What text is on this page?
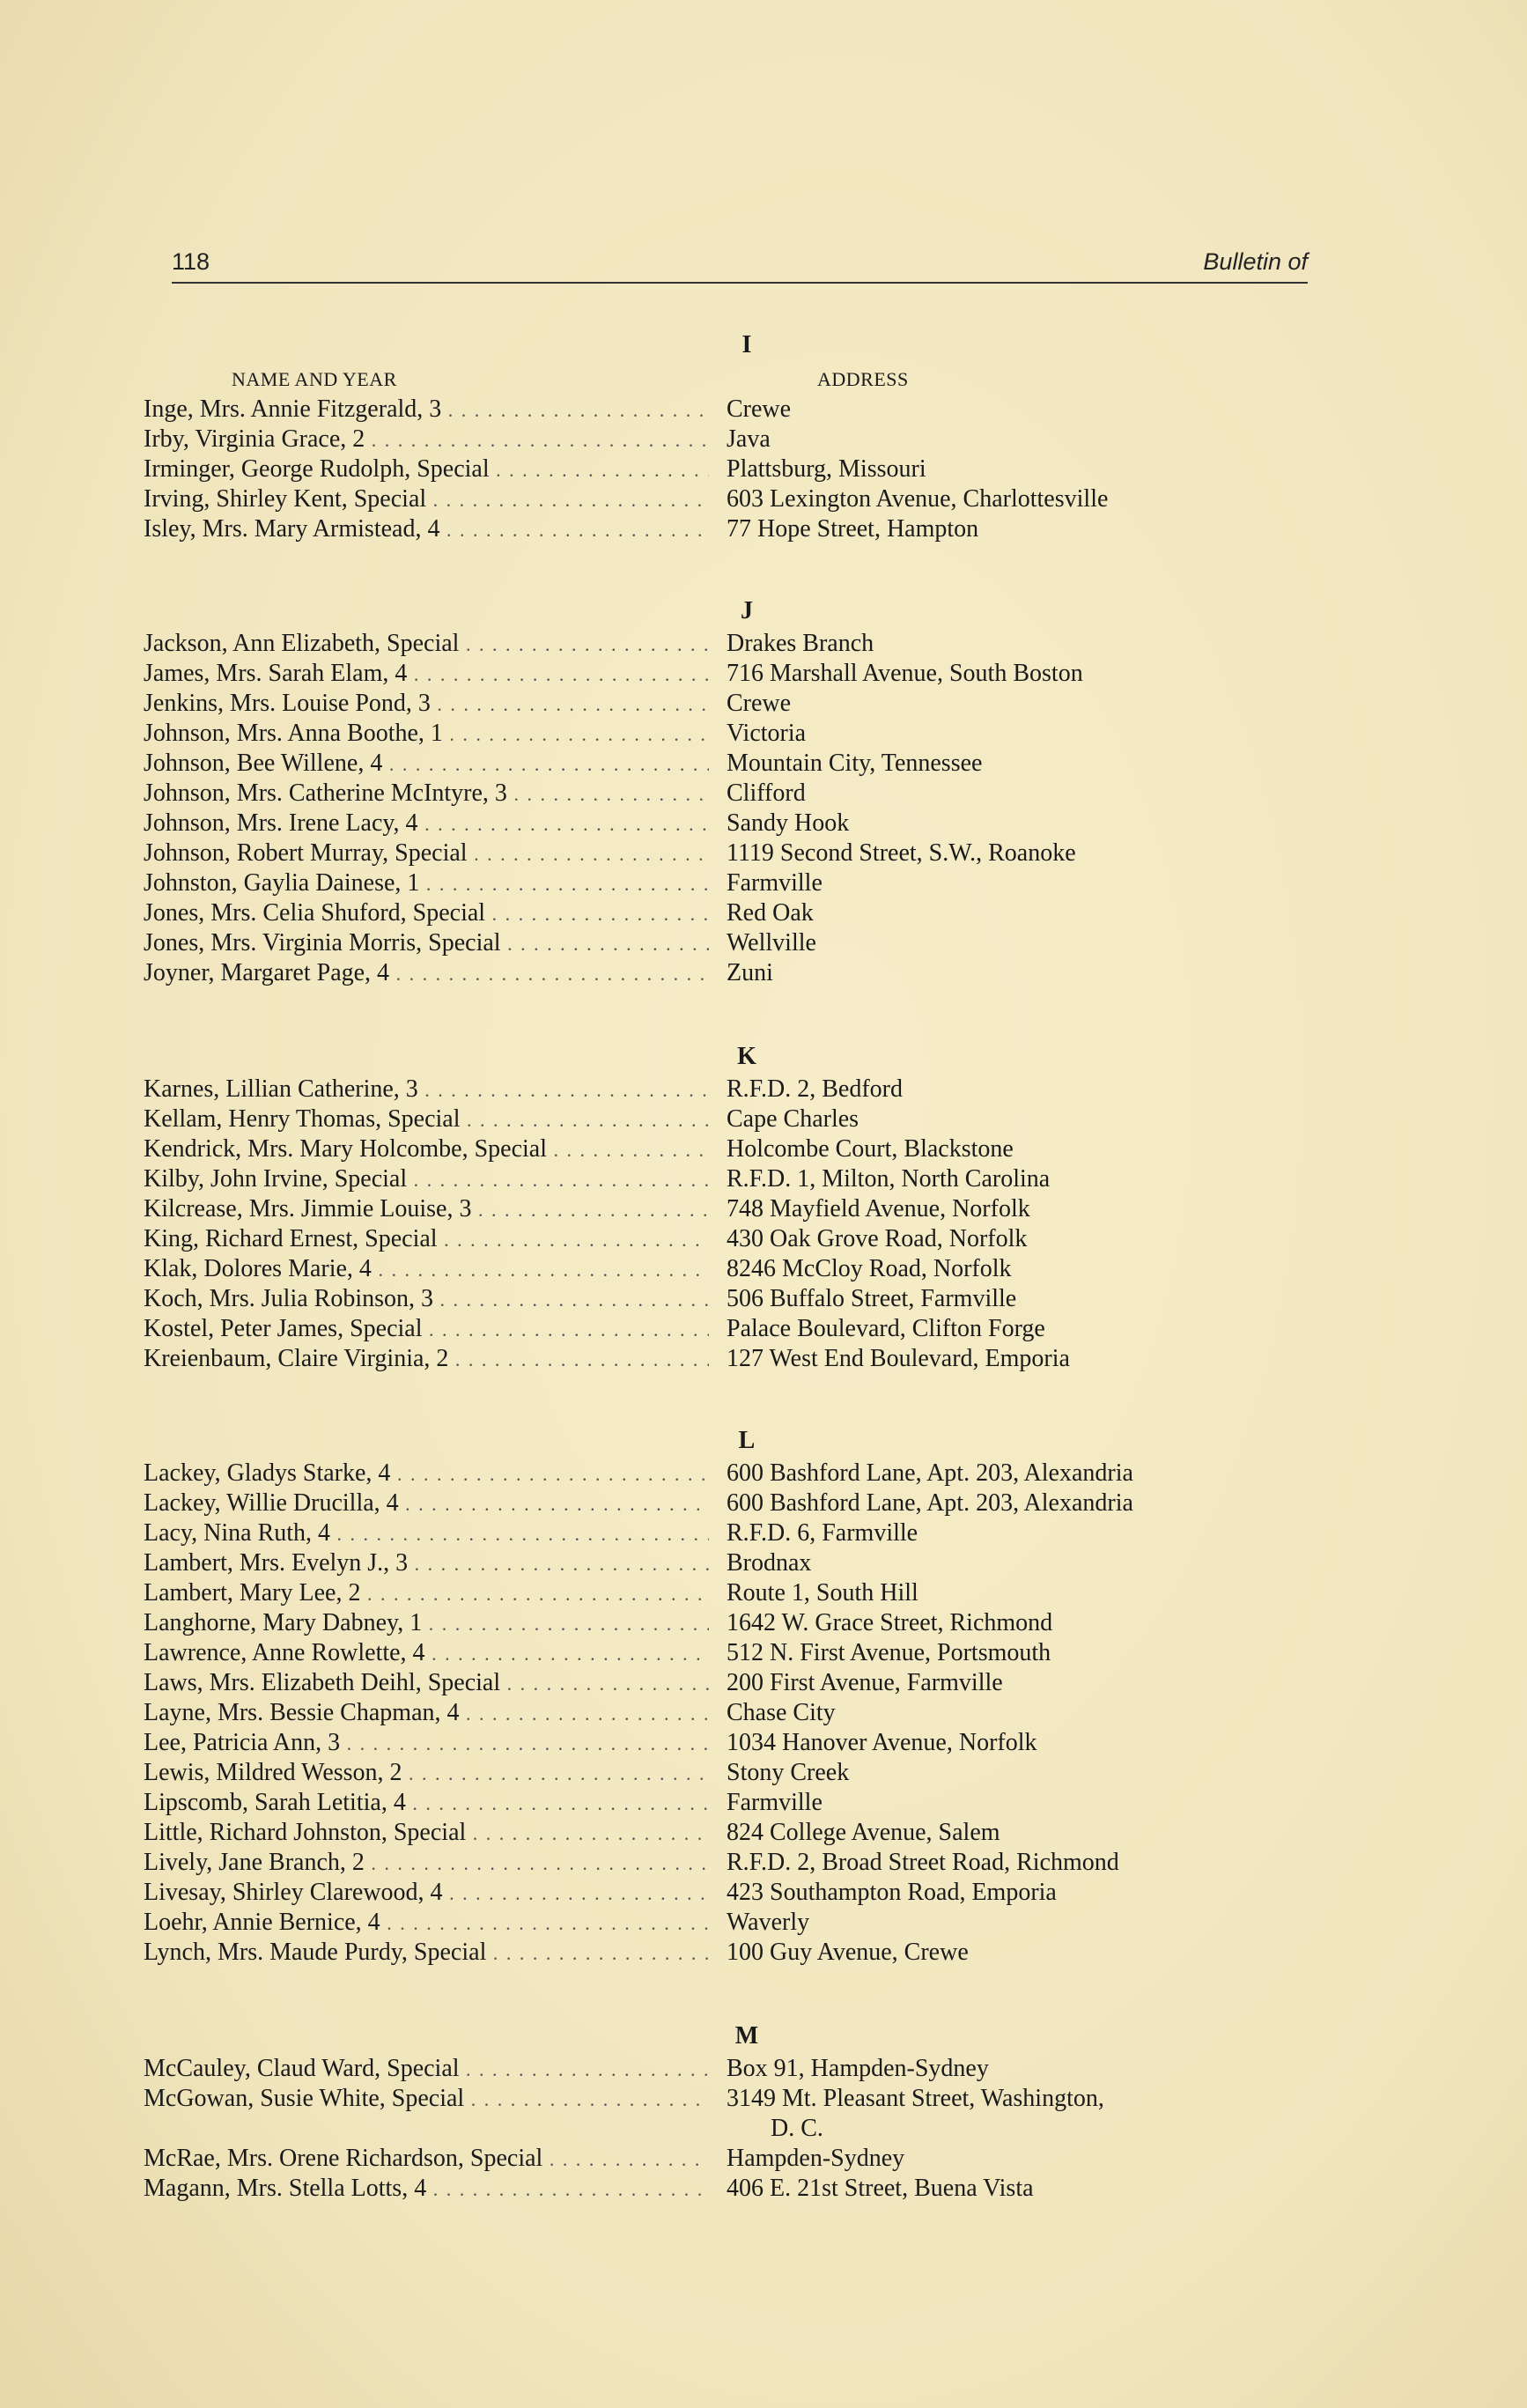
118	Bulletin of
I
NAME AND YEAR	ADDRESS
Inge, Mrs. Annie Fitzgerald, 3 . . .	Crewe
Irby, Virginia Grace, 2 . . .	Java
Irminger, George Rudolph, Special . . .	Plattsburg, Missouri
Irving, Shirley Kent, Special . . .	603 Lexington Avenue, Charlottesville
Isley, Mrs. Mary Armistead, 4 . . .	77 Hope Street, Hampton
J
Jackson, Ann Elizabeth, Special . . .	Drakes Branch
James, Mrs. Sarah Elam, 4 . . .	716 Marshall Avenue, South Boston
Jenkins, Mrs. Louise Pond, 3 . . .	Crewe
Johnson, Mrs. Anna Boothe, 1 . . .	Victoria
Johnson, Bee Willene, 4 . . .	Mountain City, Tennessee
Johnson, Mrs. Catherine McIntyre, 3 . . .	Clifford
Johnson, Mrs. Irene Lacy, 4 . . .	Sandy Hook
Johnson, Robert Murray, Special . . .	1119 Second Street, S.W., Roanoke
Johnston, Gaylia Dainese, 1 . . .	Farmville
Jones, Mrs. Celia Shuford, Special . . .	Red Oak
Jones, Mrs. Virginia Morris, Special . . .	Wellville
Joyner, Margaret Page, 4 . . .	Zuni
K
Karnes, Lillian Catherine, 3 . . .	R.F.D. 2, Bedford
Kellam, Henry Thomas, Special . . .	Cape Charles
Kendrick, Mrs. Mary Holcombe, Special . . .	Holcombe Court, Blackstone
Kilby, John Irvine, Special . . .	R.F.D. 1, Milton, North Carolina
Kilcrease, Mrs. Jimmie Louise, 3 . . .	748 Mayfield Avenue, Norfolk
King, Richard Ernest, Special . . .	430 Oak Grove Road, Norfolk
Klak, Dolores Marie, 4 . . .	8246 McCloy Road, Norfolk
Koch, Mrs. Julia Robinson, 3 . . .	506 Buffalo Street, Farmville
Kostel, Peter James, Special . . .	Palace Boulevard, Clifton Forge
Kreienbaum, Claire Virginia, 2 . . .	127 West End Boulevard, Emporia
L
Lackey, Gladys Starke, 4 . . .	600 Bashford Lane, Apt. 203, Alexandria
Lackey, Willie Drucilla, 4 . . .	600 Bashford Lane, Apt. 203, Alexandria
Lacy, Nina Ruth, 4 . . .	R.F.D. 6, Farmville
Lambert, Mrs. Evelyn J., 3 . . .	Brodnax
Lambert, Mary Lee, 2 . . .	Route 1, South Hill
Langhorne, Mary Dabney, 1 . . .	1642 W. Grace Street, Richmond
Lawrence, Anne Rowlette, 4 . . .	512 N. First Avenue, Portsmouth
Laws, Mrs. Elizabeth Deihl, Special . . .	200 First Avenue, Farmville
Layne, Mrs. Bessie Chapman, 4 . . .	Chase City
Lee, Patricia Ann, 3 . . .	1034 Hanover Avenue, Norfolk
Lewis, Mildred Wesson, 2 . . .	Stony Creek
Lipscomb, Sarah Letitia, 4 . . .	Farmville
Little, Richard Johnston, Special . . .	824 College Avenue, Salem
Lively, Jane Branch, 2 . . .	R.F.D. 2, Broad Street Road, Richmond
Livesay, Shirley Clarewood, 4 . . .	423 Southampton Road, Emporia
Loehr, Annie Bernice, 4 . . .	Waverly
Lynch, Mrs. Maude Purdy, Special . . .	100 Guy Avenue, Crewe
M
McCauley, Claud Ward, Special . . .	Box 91, Hampden-Sydney
McGowan, Susie White, Special . . .	3149 Mt. Pleasant Street, Washington,
D. C.
McRae, Mrs. Orene Richardson, Special . . .	Hampden-Sydney
Magann, Mrs. Stella Lotts, 4 . . .	406 E. 21st Street, Buena Vista
